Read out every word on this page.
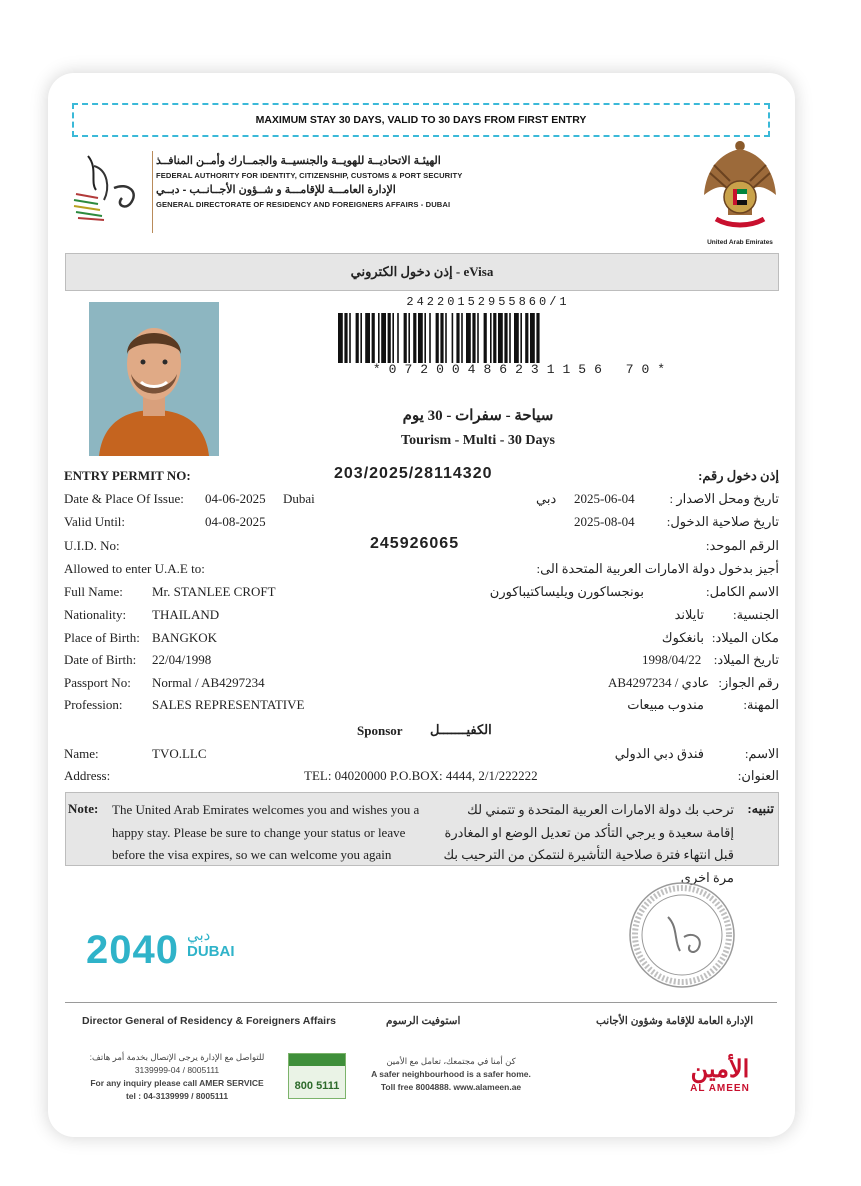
MAXIMUM STAY 30 DAYS, VALID TO 30 DAYS FROM FIRST ENTRY
الهيئـة الاتحاديــة للهويــة والجنسيــة والجمــارك وأمــن المنافــذ
FEDERAL AUTHORITY FOR IDENTITY, CITIZENSHIP, CUSTOMS & PORT SECURITY
الإدارة العامـــة للإقامـــة و شــؤون الأجــانــب - دبــي
GENERAL DIRECTORATE OF RESIDENCY AND FOREIGNERS AFFAIRS - DUBAI
United Arab Emirates
إذن دخول الكتروني - eVisa
24220152955860/1
*07200486231156 70*
سياحة - سفرات - 30 يوم
Tourism - Multi - 30 Days
ENTRY PERMIT NO:	203/2025/28114320	إذن دخول رقم:
Date & Place Of Issue: 04-06-2025 Dubai	دبي 2025-06-04	تاريخ ومحل الاصدار :
Valid Until:	04-08-2025	2025-08-04 تاريخ صلاحية الدخول:
U.I.D. No:	245926065	الرقم الموحد:
Allowed to enter U.A.E to:	أجيز بدخول دولة الامارات العربية المتحدة الى:
Full Name: Mr. STANLEE CROFT	بونجساكورن ويليساكتيباكورن	الاسم الكامل:
Nationality: THAILAND	تايلاند الجنسية:
Place of Birth: BANGKOK	بانغكوك مكان الميلاد:
Date of Birth: 22/04/1998	1998/04/22 تاريخ الميلاد:
Passport No: Normal / AB4297234	AB4297234 / عادي رقم الجواز:
Profession: SALES REPRESENTATIVE	مندوب مبيعات	المهنة:
Sponsor الكفيـــــــل
Name:	TVO.LLC	فندق دبي الدولي	الاسم:
Address:	TEL: 04020000 P.O.BOX: 4444, 2/1/222222	العنوان:
Note: The United Arab Emirates welcomes you and wishes you a happy stay. Please be sure to change your status or leave before the visa expires, so we can welcome you again
ترحب بك دولة الامارات العربية المتحدة و تتمني لك إقامة سعيدة و يرجي التأكد من تعديل الوضع او المغادرة قبل انتهاء فترة صلاحية التأشيرة لنتمكن من الترحيب بك مرة اخرى
تنبيه:
2040 دبي
DUBAI
Director General of Residency & Foreigners Affairs	استوفيت الرسوم	الإدارة العامة للإقامة وشؤون الأجانب
للتواصل مع الإدارة يرجى الإتصال بخدمة أمر هاتف: 8005111 / 04-3139999
For any inquiry please call AMER SERVICE
tel : 04-3139999 / 8005111
800 5111
كن أمنا في مجتمعك، تعامل مع الأمين
A safer neighbourhood is a safer home.
Toll free 8004888. www.alameen.ae
الأمين
AL AMEEN
